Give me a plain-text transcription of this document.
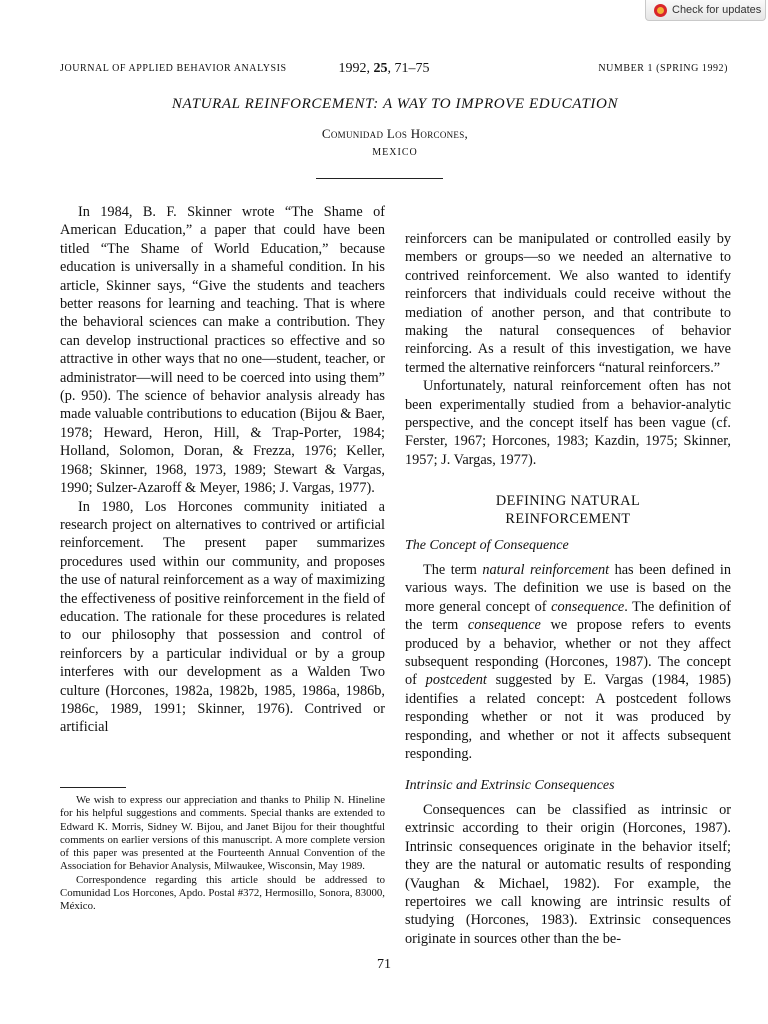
Check for updates
JOURNAL OF APPLIED BEHAVIOR ANALYSIS	1992, 25, 71–75	NUMBER 1 (SPRING 1992)
NATURAL REINFORCEMENT: A WAY TO IMPROVE EDUCATION
Comunidad Los Horcones,
MEXICO

In 1984, B. F. Skinner wrote “The Shame of American Education,” a paper that could have been titled “The Shame of World Education,” because education is universally in a shameful condition. In his article, Skinner says, “Give the students and teachers better reasons for learning and teaching. That is where the behavioral sciences can make a contribution. They can develop instructional practices so effective and so attractive in other ways that no one—student, teacher, or administrator—will need to be coerced into using them” (p. 950). The science of behavior analysis already has made valuable contributions to education (Bijou & Baer, 1978; Heward, Heron, Hill, & Trap-Porter, 1984; Holland, Solomon, Doran, & Frezza, 1976; Keller, 1968; Skinner, 1968, 1973, 1989; Stewart & Vargas, 1990; Sulzer-Azaroff & Meyer, 1986; J. Vargas, 1977).

In 1980, Los Horcones community initiated a research project on alternatives to contrived or artificial reinforcement. The present paper summarizes procedures used within our community, and proposes the use of natural reinforcement as a way of maximizing the effectiveness of positive reinforcement in the field of education. The rationale for these procedures is related to our philosophy that possession and control of reinforcers by a particular individual or by a group interferes with our development as a Walden Two culture (Horcones, 1982a, 1982b, 1985, 1986a, 1986b, 1986c, 1989, 1991; Skinner, 1976). Contrived or artificial

We wish to express our appreciation and thanks to Philip N. Hineline for his helpful suggestions and comments. Special thanks are extended to Edward K. Morris, Sidney W. Bijou, and Janet Bijou for their thoughtful comments on earlier versions of this manuscript. A more complete version of this paper was presented at the Fourteenth Annual Convention of the Association for Behavior Analysis, Milwaukee, Wisconsin, May 1989.

Correspondence regarding this article should be addressed to Comunidad Los Horcones, Apdo. Postal #372, Hermosillo, Sonora, 83000, México.

reinforcers can be manipulated or controlled easily by members or groups—so we needed an alternative to contrived reinforcement. We also wanted to identify reinforcers that individuals could receive without the mediation of another person, and that contribute to making the natural consequences of behavior reinforcing. As a result of this investigation, we have termed the alternative reinforcers “natural reinforcers.”

Unfortunately, natural reinforcement often has not been experimentally studied from a behavior-analytic perspective, and the concept itself has been vague (cf. Ferster, 1967; Horcones, 1983; Kazdin, 1975; Skinner, 1957; J. Vargas, 1977).

DEFINING NATURAL
REINFORCEMENT
The Concept of Consequence

The term natural reinforcement has been defined in various ways. The definition we use is based on the more general concept of consequence. The definition of the term consequence we propose refers to events produced by a behavior, whether or not they affect subsequent responding (Horcones, 1987). The concept of postcedent suggested by E. Vargas (1984, 1985) identifies a related concept: A postcedent follows responding whether or not it was produced by responding, and whether or not it affects subsequent responding.

Intrinsic and Extrinsic Consequences

Consequences can be classified as intrinsic or extrinsic according to their origin (Horcones, 1987). Intrinsic consequences originate in the behavior itself; they are the natural or automatic results of responding (Vaughan & Michael, 1982). For example, the repertoires we call knowing are intrinsic results of studying (Horcones, 1983). Extrinsic consequences originate in sources other than the be-

71
